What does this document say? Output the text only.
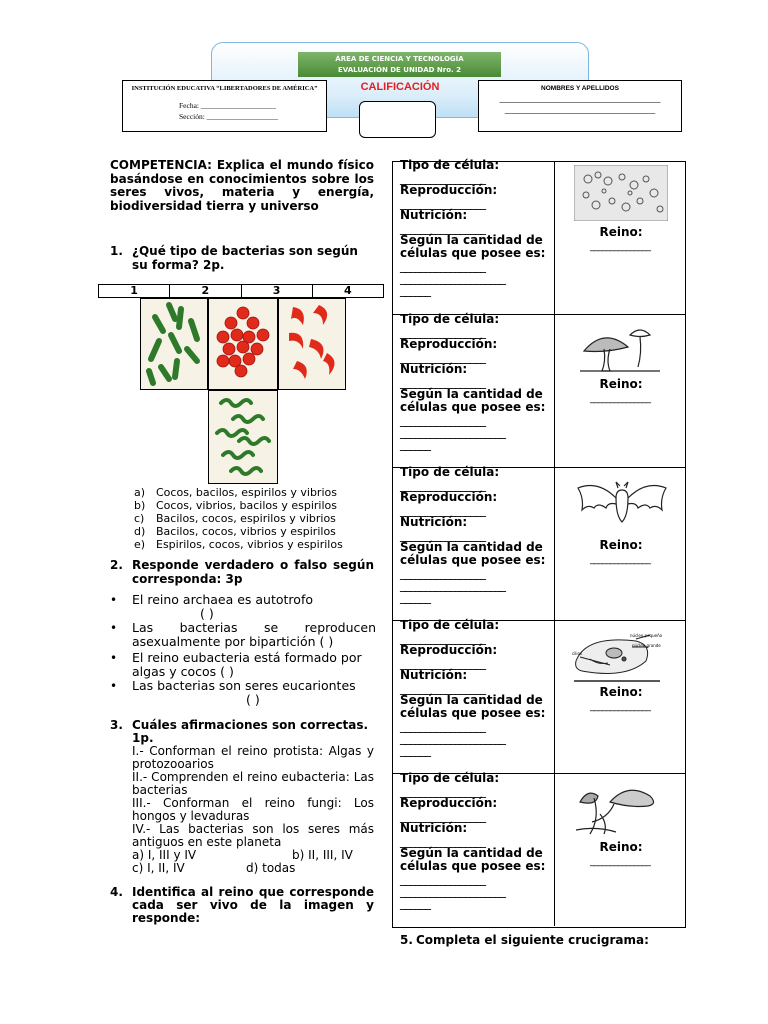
ÁREA DE CIENCIA Y TECNOLOGÍA
EVALUACIÓN DE UNIDAD Nro. 2
INSTITUCIÓN EDUCATIVA “LIBERTADORES DE AMÉRICA”
Fecha: ____________________
Sección: ___________________
CALIFICACIÓN	NOMBRES Y APELLIDOS
______________________________________________
___________________________________________
COMPETENCIA: Explica el mundo físico basándose en conocimientos sobre los seres vivos, materia y energía, biodiversidad tierra y universo
1. ¿Qué tipo de bacterias son según su forma? 2p.
1	2	3	4
a) Cocos, bacilos, espirilos y vibrios
b) Cocos, vibrios, bacilos y espirilos
c)	Bacilos, cocos, espirilos y vibrios
d) Bacilos, cocos, vibrios y espirilos
e) Espirilos, cocos, vibrios y espirilos
2. Responde verdadero o falso según corresponda: 3p
•	El reino archaea es autotrofo
( )
•	Las bacterias se reproducen asexualmente por bipartición ( )
•	El reino eubacteria está formado por algas y cocos ( )
•	Las bacterias son seres eucariontes
( )
3. Cuáles afirmaciones son correctas. 1p.
I.- Conforman el reino protista: Algas y protozooarios
II.- Comprenden el reino eubacteria: Las bacterias
III.- Conforman el reino fungi: Los hongos y levaduras
IV.- Las bacterias son los seres más antiguos en este planeta
a) I, III y IV	b) II, III, IV
c) I, II, IV	d) todas
4. Identifica al reino que corresponde cada ser vivo de la imagen y responde:
Tipo de célula:
_________________
Reproducción:
_________________
Nutrición:
_________________
Según la cantidad de células que posee es:
_________________
_____________________
______
Reino:
_______________
Tipo de célula:
_________________
Reproducción:
_________________
Nutrición:
_________________
Según la cantidad de células que posee es:
_________________
_____________________
______
Reino:
_______________
Tipo de célula:
_________________
Reproducción:
_________________
Nutrición:
_________________
Según la cantidad de células que posee es:
_________________
_____________________
______
Reino:
_______________
Tipo de célula:
_________________
Reproducción:
_________________
Nutrición:
_________________
Según la cantidad de células que posee es:
_________________
_____________________
______
núcleo pequeño
núcleo grande
cilios
Reino:
_______________
Tipo de célula:
_________________
Reproducción:
_________________
Nutrición:
_________________
Según la cantidad de células que posee es:
_________________
_____________________
______
Reino:
_______________
5. Completa el siguiente crucigrama:
